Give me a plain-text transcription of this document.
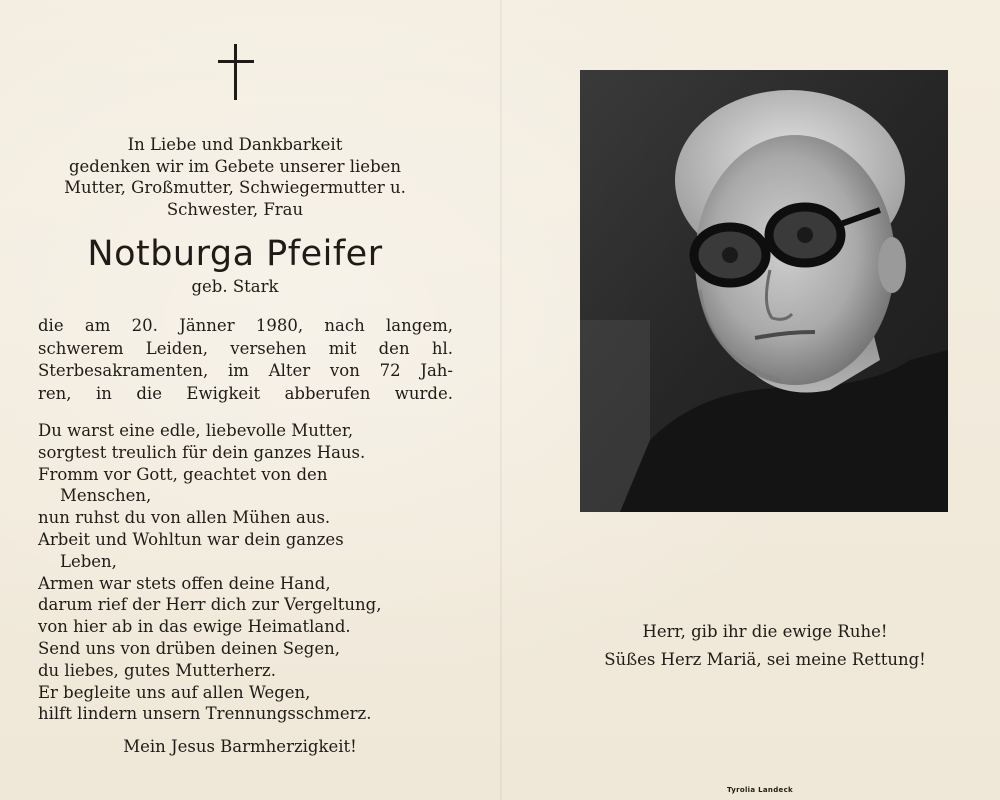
In Liebe und Dankbarkeit
gedenken wir im Gebete unserer lieben
Mutter, Großmutter, Schwiegermutter u.
Schwester, Frau
Notburga Pfeifer
geb. Stark
die am 20. Jänner 1980, nach langem,
schwerem Leiden, versehen mit den hl.
Sterbesakramenten, im Alter von 72 Jah-
ren, in die Ewigkeit abberufen wurde.
Du warst eine edle, liebevolle Mutter,
sorgtest treulich für dein ganzes Haus.
Fromm vor Gott, geachtet von den
Menschen,
nun ruhst du von allen Mühen aus.
Arbeit und Wohltun war dein ganzes
Leben,
Armen war stets offen deine Hand,
darum rief der Herr dich zur Vergeltung,
von hier ab in das ewige Heimatland.
Send uns von drüben deinen Segen,
du liebes, gutes Mutterherz.
Er begleite uns auf allen Wegen,
hilft lindern unsern Trennungsschmerz.
Mein Jesus Barmherzigkeit!
Herr, gib ihr die ewige Ruhe!
Süßes Herz Mariä, sei meine Rettung!
Tyrolia Landeck
